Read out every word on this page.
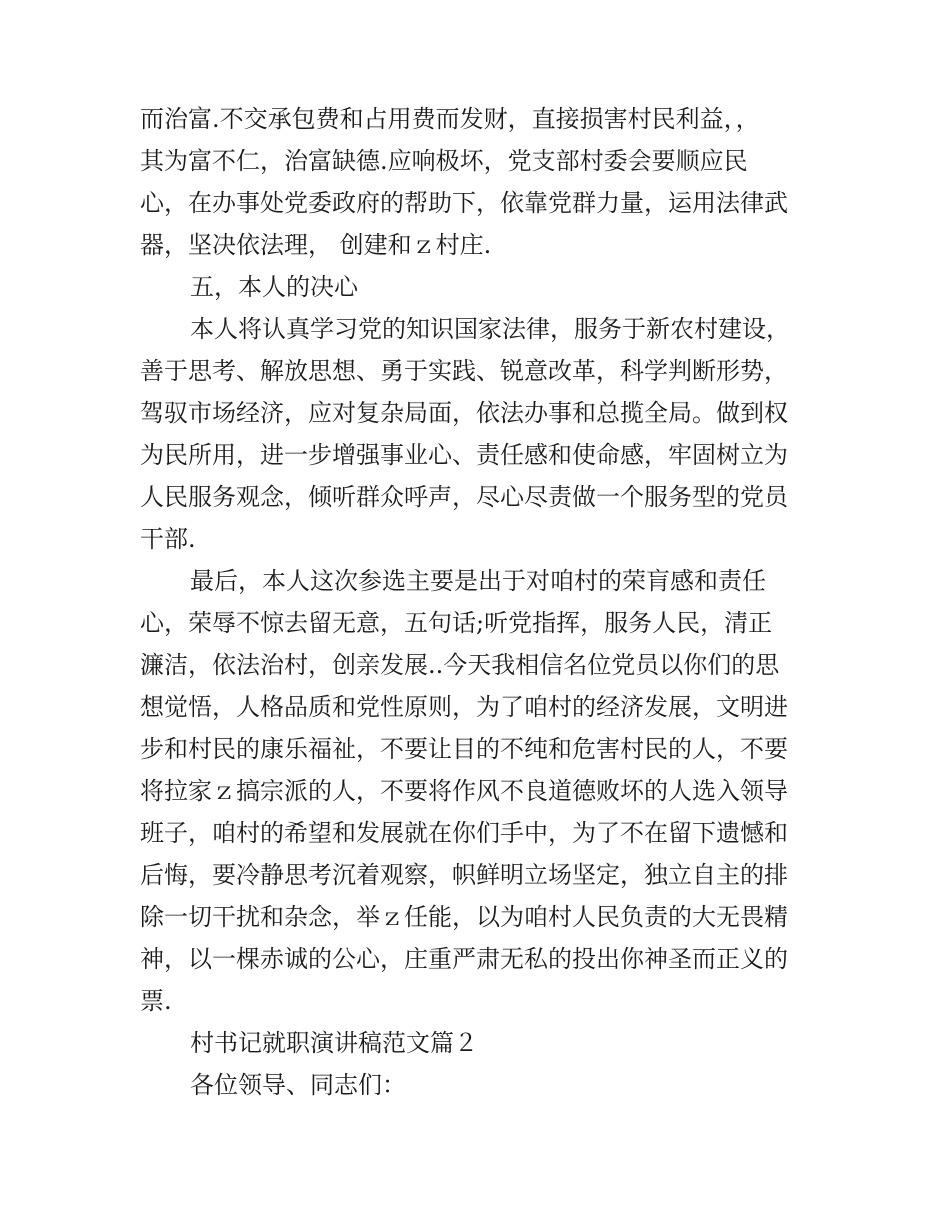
而治富.不交承包费和占用费而发财，直接损害村民利益，，
其为富不仁，治富缺德.应响极坏，党支部村委会要顺应民
心，在办事处党委政府的帮助下，依靠党群力量，运用法律武
器，坚决依法理， 创建和ｚ村庄.
五，本人的决心
本人将认真学习党的知识国家法律，服务于新农村建设，
善于思考、解放思想、勇于实践、锐意改革，科学判断形势，
驾驭市场经济，应对复杂局面，依法办事和总揽全局。做到权
为民所用，进一步增强事业心、责任感和使命感，牢固树立为
人民服务观念，倾听群众呼声，尽心尽责做一个服务型的党员
干部.
最后，本人这次参选主要是出于对咱村的荣肓感和责任
心，荣辱不惊去留无意，五句话;听党指挥，服务人民，清正
濂洁，依法治村，创亲发展..今天我相信名位党员以你们的思
想觉悟，人格品质和党性原则，为了咱村的经济发展，文明进
步和村民的康乐福祉，不要让目的不纯和危害村民的人，不要
将拉家ｚ搞宗派的人，不要将作风不良道德败坏的人选入领导
班子，咱村的希望和发展就在你们手中，为了不在留下遗憾和
后悔，要冷静思考沉着观察，帜鲜明立场坚定，独立自主的排
除一切干扰和杂念，举ｚ任能，以为咱村人民负责的大无畏精
神，以一棵赤诚的公心，庄重严肃无私的投出你神圣而正义的
票.
村书记就职演讲稿范文篇２
各位领导、同志们：
